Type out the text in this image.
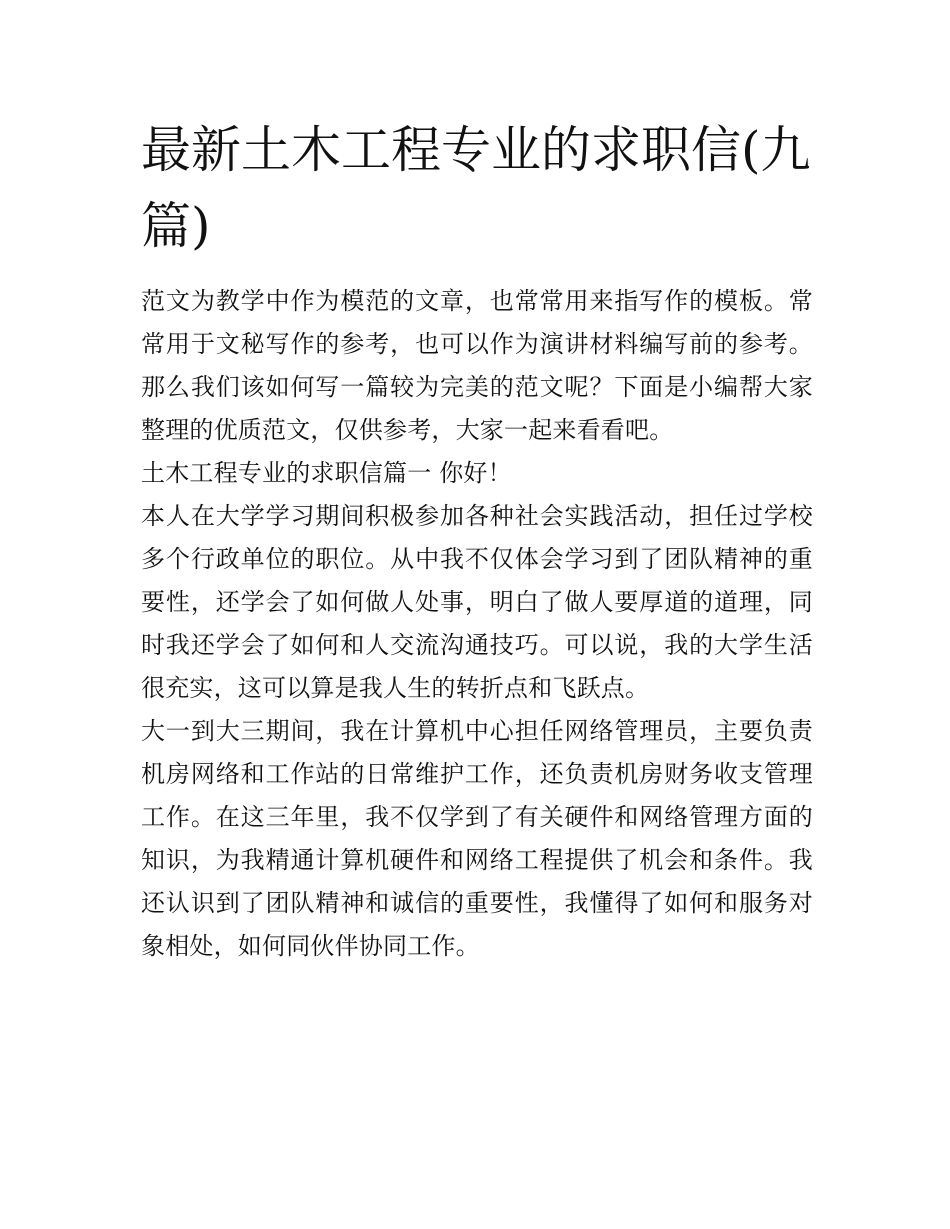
最新土木工程专业的求职信(九篇)

范文为教学中作为模范的文章，也常常用来指写作的模板。常常用于文秘写作的参考，也可以作为演讲材料编写前的参考。那么我们该如何写一篇较为完美的范文呢？下面是小编帮大家整理的优质范文，仅供参考，大家一起来看看吧。

土木工程专业的求职信篇一 你好！

本人在大学学习期间积极参加各种社会实践活动，担任过学校多个行政单位的职位。从中我不仅体会学习到了团队精神的重要性，还学会了如何做人处事，明白了做人要厚道的道理，同时我还学会了如何和人交流沟通技巧。可以说，我的大学生活很充实，这可以算是我人生的转折点和飞跃点。

大一到大三期间，我在计算机中心担任网络管理员，主要负责机房网络和工作站的日常维护工作，还负责机房财务收支管理工作。在这三年里，我不仅学到了有关硬件和网络管理方面的知识，为我精通计算机硬件和网络工程提供了机会和条件。我还认识到了团队精神和诚信的重要性，我懂得了如何和服务对象相处，如何同伙伴协同工作。
